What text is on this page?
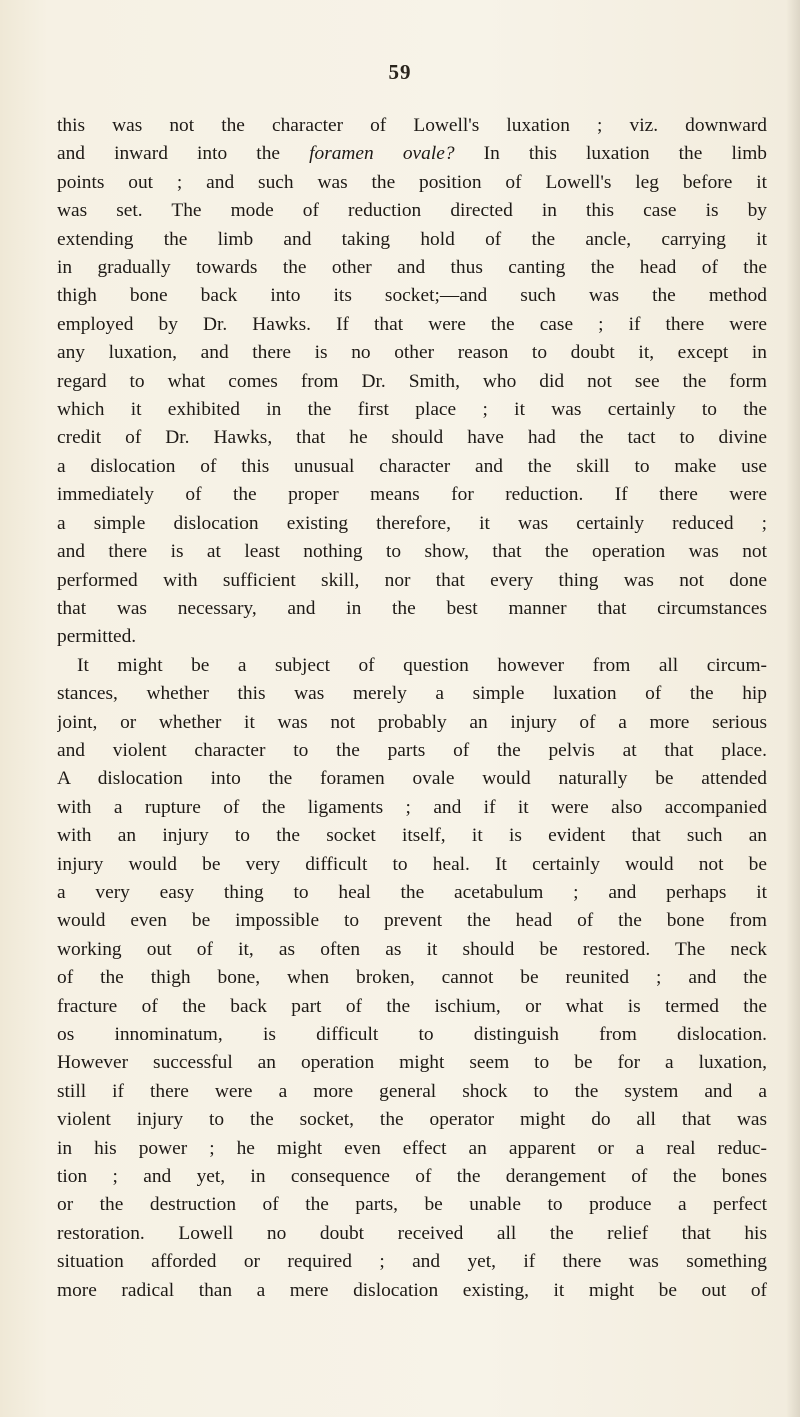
59
this was not the character of Lowell's luxation ; viz. downward
and inward into the foramen ovale? In this luxation the limb
points out ; and such was the position of Lowell's leg before it
was set. The mode of reduction directed in this case is by
extending the limb and taking hold of the ancle, carrying it
in gradually towards the other and thus canting the head of the
thigh bone back into its socket;—and such was the method
employed by Dr. Hawks. If that were the case ; if there were
any luxation, and there is no other reason to doubt it, except in
regard to what comes from Dr. Smith, who did not see the form
which it exhibited in the first place ; it was certainly to the
credit of Dr. Hawks, that he should have had the tact to divine
a dislocation of this unusual character and the skill to make use
immediately of the proper means for reduction. If there were
a simple dislocation existing therefore, it was certainly reduced ;
and there is at least nothing to show, that the operation was not
performed with sufficient skill, nor that every thing was not done
that was necessary, and in the best manner that circumstances
permitted.
It might be a subject of question however from all circum-
stances, whether this was merely a simple luxation of the hip
joint, or whether it was not probably an injury of a more serious
and violent character to the parts of the pelvis at that place.
A dislocation into the foramen ovale would naturally be attended
with a rupture of the ligaments ; and if it were also accompanied
with an injury to the socket itself, it is evident that such an
injury would be very difficult to heal. It certainly would not be
a very easy thing to heal the acetabulum ; and perhaps it
would even be impossible to prevent the head of the bone from
working out of it, as often as it should be restored. The neck
of the thigh bone, when broken, cannot be reunited ; and the
fracture of the back part of the ischium, or what is termed the
os innominatum, is difficult to distinguish from dislocation.
However successful an operation might seem to be for a luxation,
still if there were a more general shock to the system and a
violent injury to the socket, the operator might do all that was
in his power ; he might even effect an apparent or a real reduc-
tion ; and yet, in consequence of the derangement of the bones
or the destruction of the parts, be unable to produce a perfect
restoration. Lowell no doubt received all the relief that his
situation afforded or required ; and yet, if there was something
more radical than a mere dislocation existing, it might be out of
